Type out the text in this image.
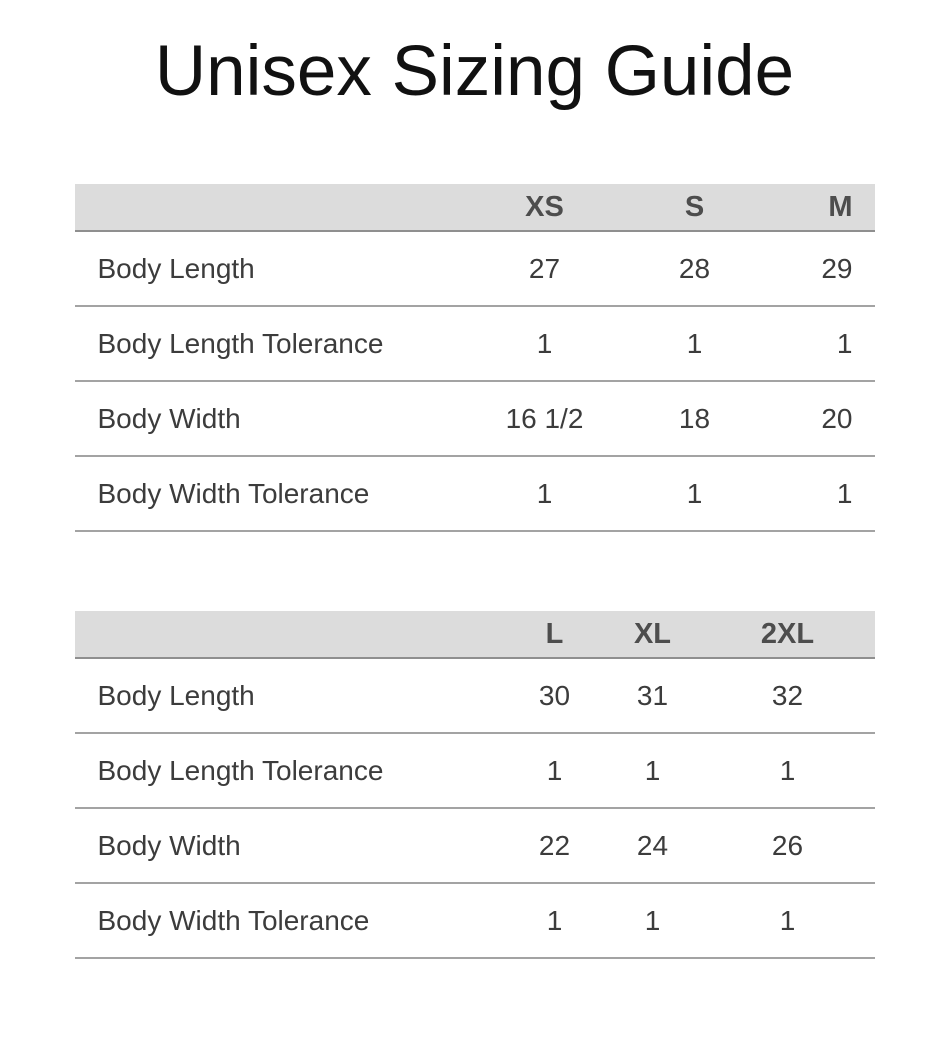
Unisex Sizing Guide
	XS	S	M
Body Length	27	28	29
Body Length Tolerance	1	1	1
Body Width	16 1/2	18	20
Body Width Tolerance	1	1	1
	L	XL	2XL
Body Length	30	31	32
Body Length Tolerance	1	1	1
Body Width	22	24	26
Body Width Tolerance	1	1	1
